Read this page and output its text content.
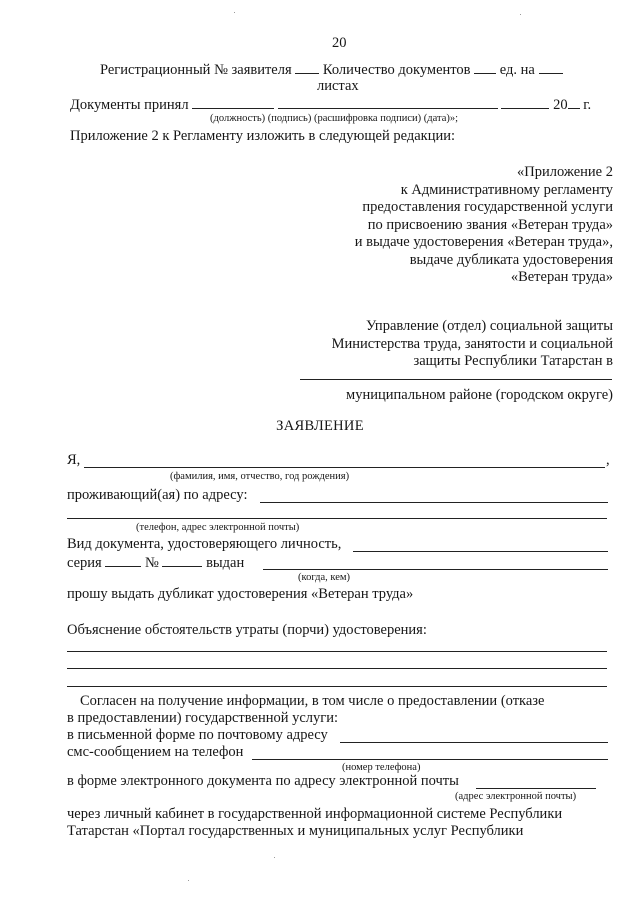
20
Регистрационный № заявителя Количество документов ед. на
листах
Документы принял	20 г.
(должность) (подпись) (расшифровка подписи) (дата)»;
Приложение 2 к Регламенту изложить в следующей редакции:
«Приложение 2
к Административному регламенту
предоставления государственной услуги
по присвоению звания «Ветеран труда»
и выдаче удостоверения «Ветеран труда»,
выдаче дубликата удостоверения
«Ветеран труда»
Управление (отдел) социальной защиты
Министерства труда, занятости и социальной
защиты Республики Татарстан в
муниципальном районе (городском округе)
ЗАЯВЛЕНИЕ
Я,	,
(фамилия, имя, отчество, год рождения)
проживающий(ая) по адресу:
(телефон, адрес электронной почты)
Вид документа, удостоверяющего личность,
серия	№	выдан
(когда, кем)
прошу выдать дубликат удостоверения «Ветеран труда»
Объяснение обстоятельств утраты (порчи) удостоверения:
Согласен на получение информации, в том числе о предоставлении (отказе
в предоставлении) государственной услуги:
в письменной форме по почтовому адресу
смс-сообщением на телефон
(номер телефона)
в форме электронного документа по адресу электронной почты
(адрес электронной почты)
через личный кабинет в государственной информационной системе Республики
Татарстан «Портал государственных и муниципальных услуг Республики
